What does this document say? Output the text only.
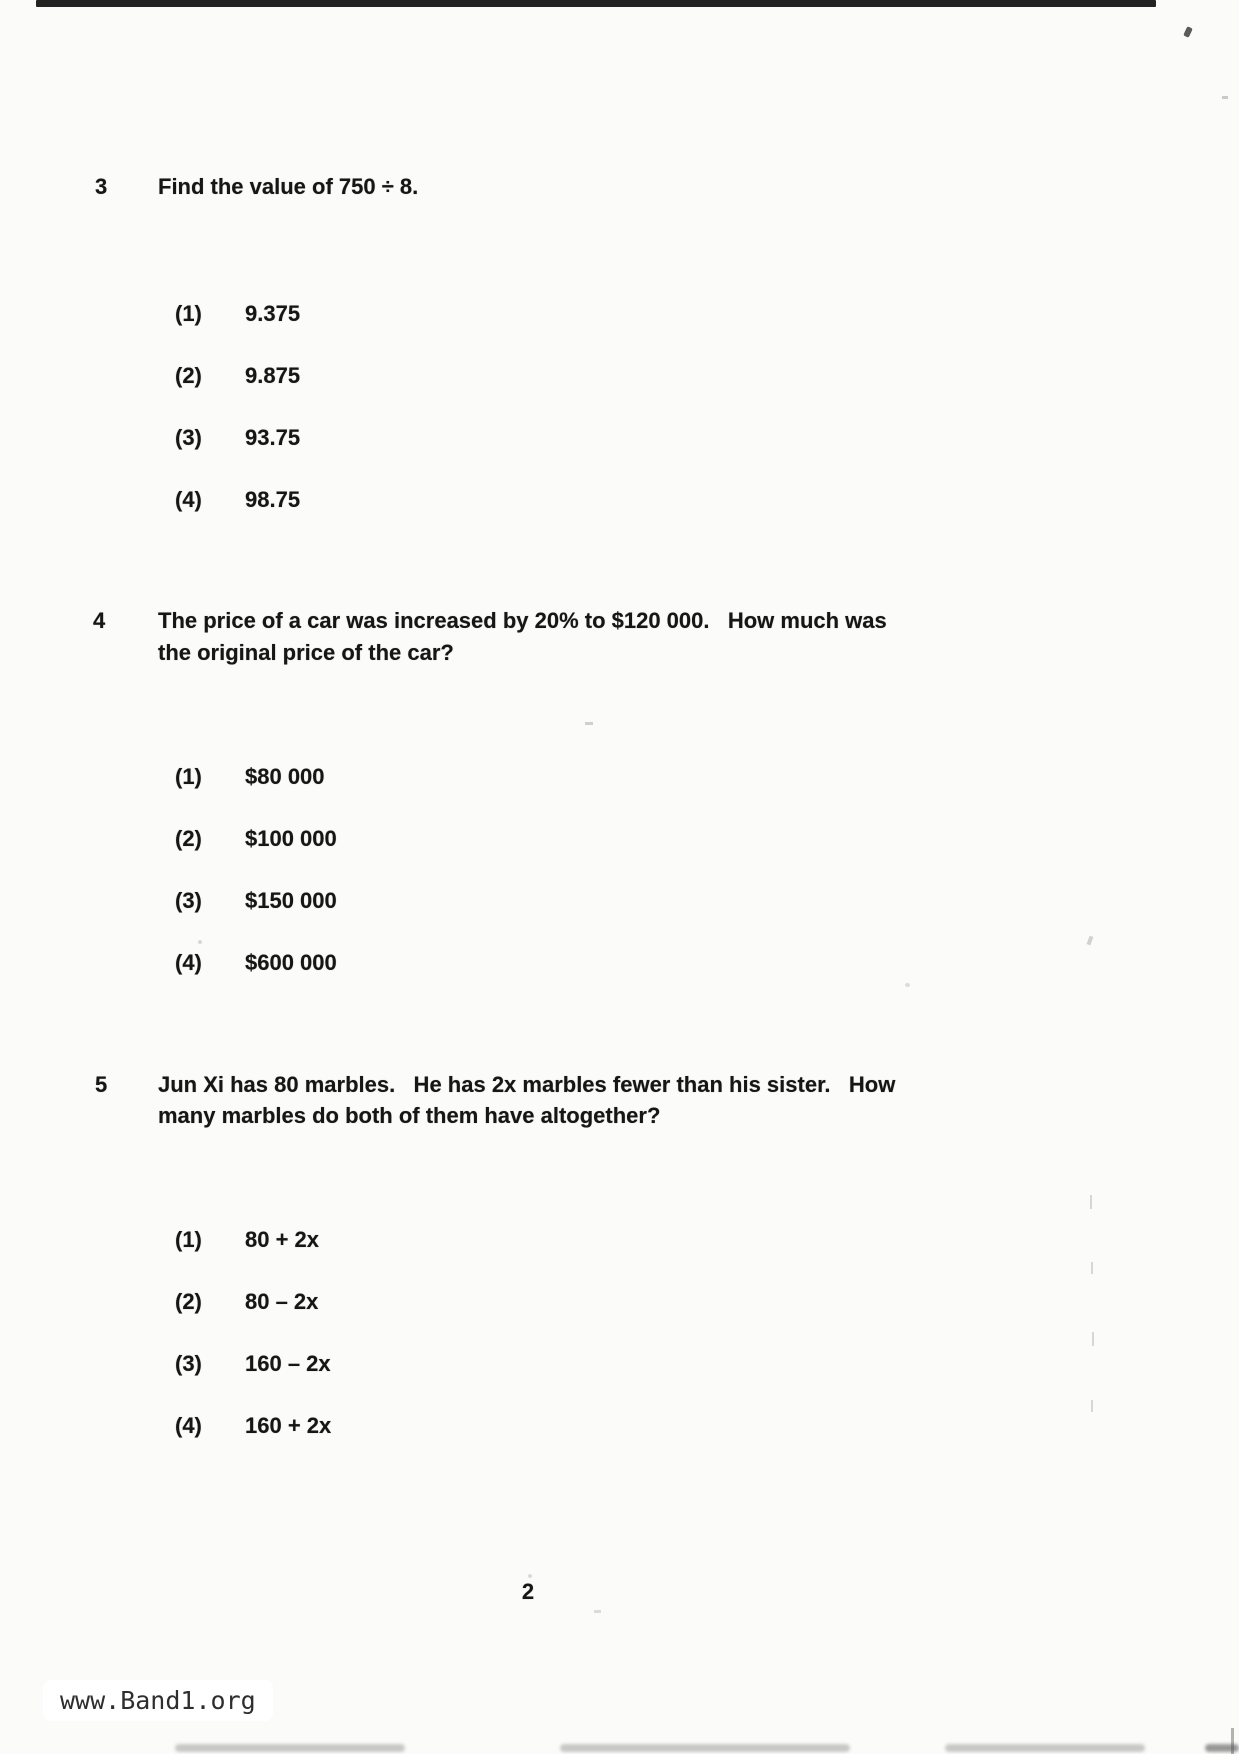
3 Find the value of 750 ÷ 8.
(1) 9.375
(2) 9.875
(3) 93.75
(4) 98.75
4 The price of a car was increased by 20% to $120 000.   How much was
the original price of the car?
(1) $80 000
(2) $100 000
(3) $150 000
(4) $600 000
5 Jun Xi has 80 marbles.   He has 2x marbles fewer than his sister.   How
many marbles do both of them have altogether?
(1) 80 + 2x
(2) 80 – 2x
(3) 160 – 2x
(4) 160 + 2x
2
www.Band1.org
